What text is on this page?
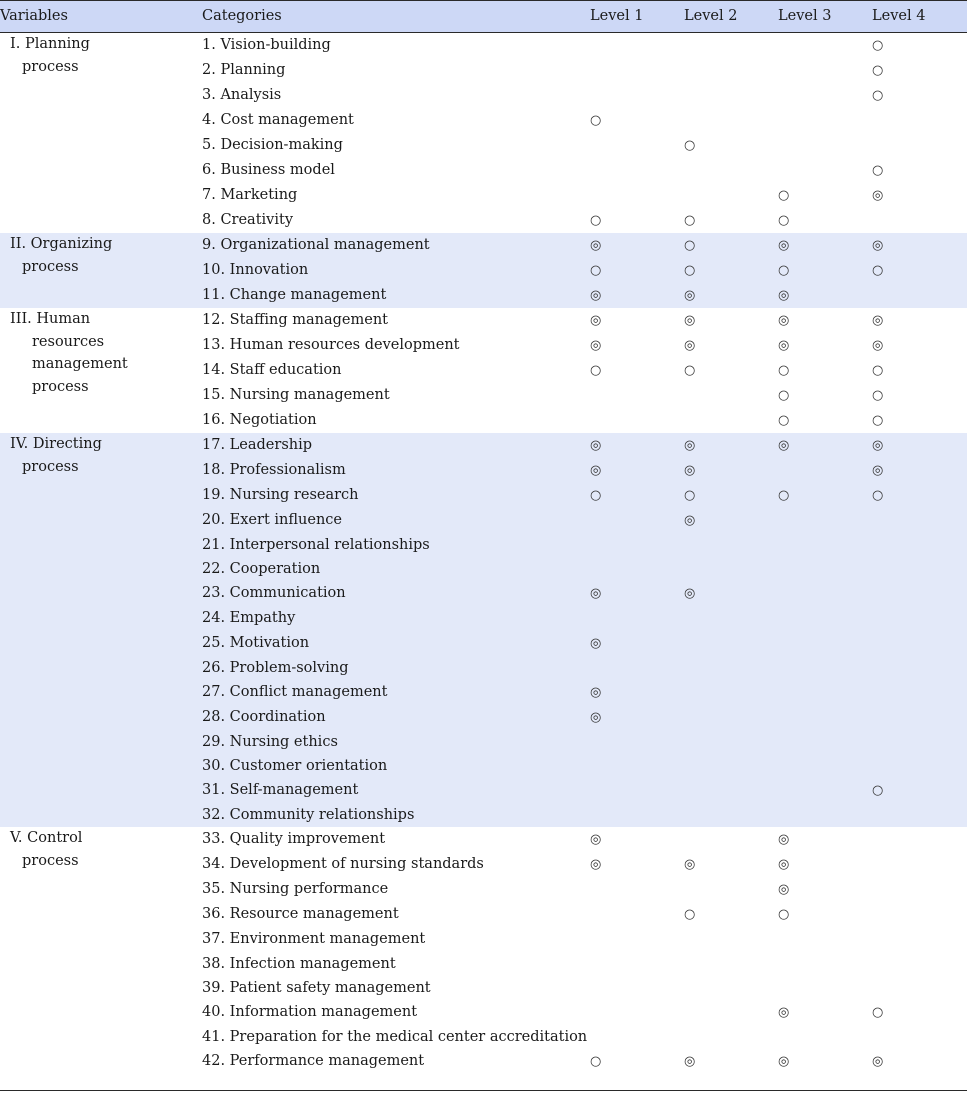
Variables	Categories	Level 1	Level 2	Level 3	Level 4

I. Planning
process	1. Vision-building				○
	2. Planning				○
	3. Analysis				○
	4. Cost management	○			
	5. Decision-making		○		
	6. Business model				○
	7. Marketing			○	◎
	8. Creativity	○	○	○	

II. Organizing
process	9. Organizational management	◎	○	◎	◎
	10. Innovation	○	○	○	○
	11. Change management	◎	◎	◎	

III. Human
resources
management
process	12. Staffing management	◎	◎	◎	◎
	13. Human resources development	◎	◎	◎	◎
	14. Staff education	○	○	○	○
	15. Nursing management			○	○
	16. Negotiation			○	○

IV. Directing
process	17. Leadership	◎	◎	◎	◎
	18. Professionalism	◎	◎		◎
	19. Nursing research	○	○	○	○
	20. Exert influence		◎		
	21. Interpersonal relationships				
	22. Cooperation				
	23. Communication	◎	◎		
	24. Empathy				
	25. Motivation	◎			
	26. Problem-solving				
	27. Conflict management	◎			
	28. Coordination	◎			
	29. Nursing ethics				
	30. Customer orientation				
	31. Self-management				○
	32. Community relationships				

V. Control
process	33. Quality improvement	◎		◎	
	34. Development of nursing standards	◎	◎	◎	
	35. Nursing performance			◎	
	36. Resource management		○	○	
	37. Environment management				
	38. Infection management				
	39. Patient safety management				
	40. Information management			◎	○
	41. Preparation for the medical center accreditation				
	42. Performance management	○	◎	◎	◎
